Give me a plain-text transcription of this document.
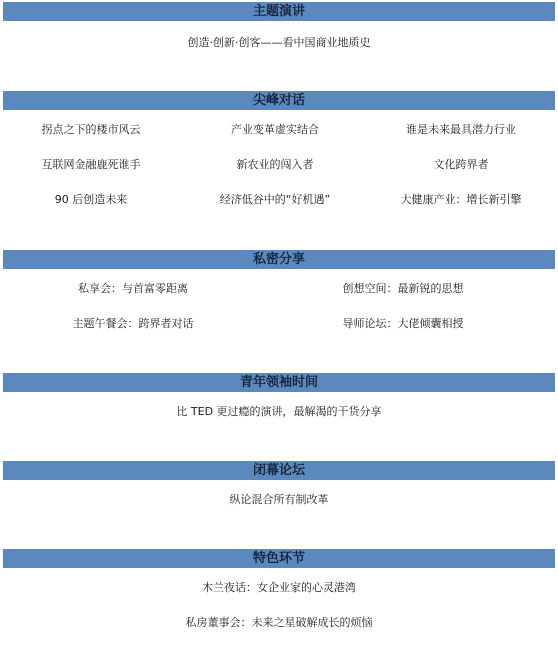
主题演讲
创造·创新·创客——看中国商业地质史
尖峰对话
拐点之下的楼市风云	产业变革虚实结合	谁是未来最具潜力行业
互联网金融鹿死谁手	新农业的闯入者	文化跨界者
90 后创造未来	经济低谷中的“好机遇”	大健康产业：增长新引擎
私密分享
私享会：与首富零距离	创想空间：最新锐的思想
主题午餐会：跨界者对话	导师论坛：大佬倾囊相授
青年领袖时间
比 TED 更过瘾的演讲，最解渴的干货分享
闭幕论坛
纵论混合所有制改革
特色环节
木兰夜话：女企业家的心灵港湾
私房董事会：未来之星破解成长的烦恼
